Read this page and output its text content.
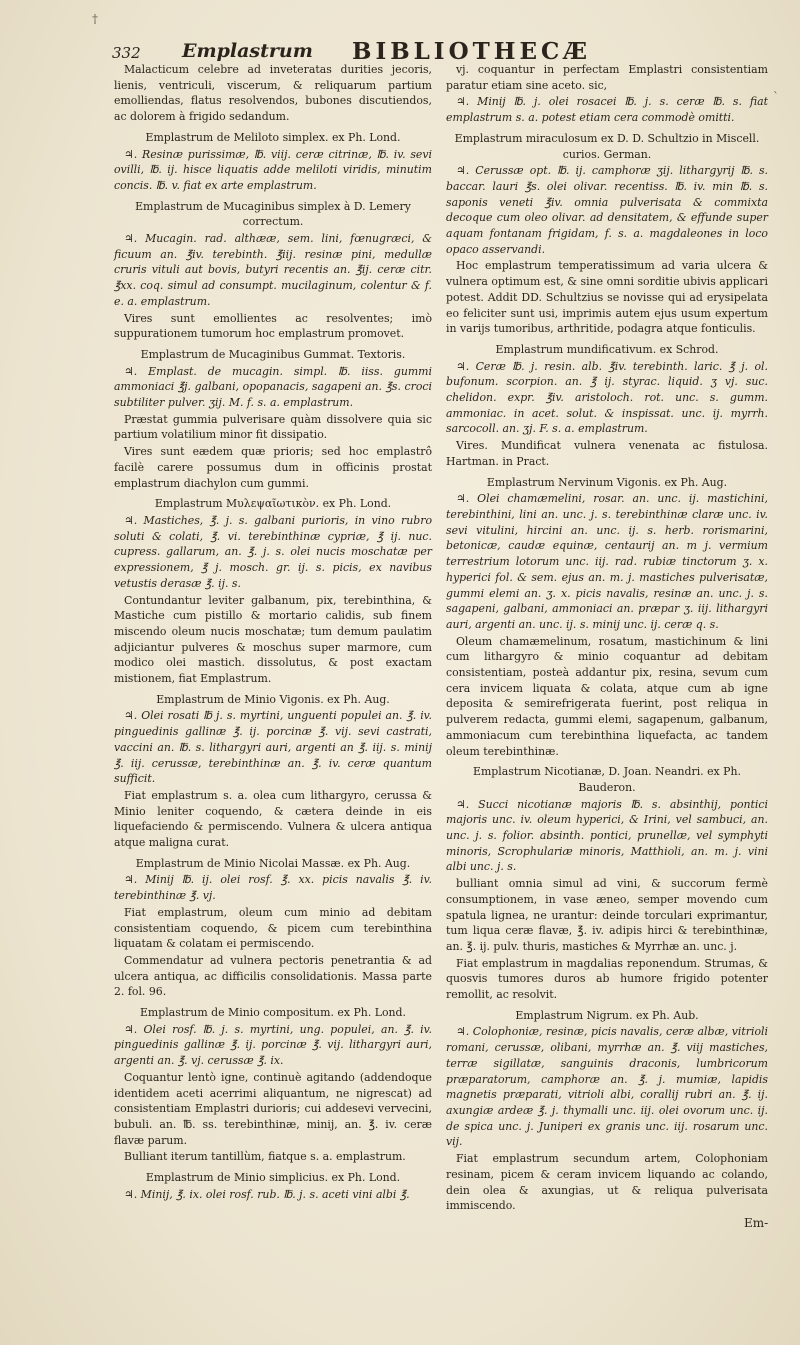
†
`
332 Emplastrum BIBLIOTHECÆ

Malacticum celebre ad inveteratas durities jecoris, lienis, ventriculi, viscerum, & reliquarum partium emolliendas, flatus resolvendos, bubones discutiendos, ac dolorem à frigido sedandum.

Emplastrum de Meliloto simplex. ex Ph. Lond.

♃. Resinæ purissimæ, ℔. viij. ceræ citrinæ, ℔. iv. sevi ovilli, ℔. ij. hisce liquatis adde meliloti viridis, minutim concis. ℔. v. fiat ex arte emplastrum.

Emplastrum de Mucaginibus simplex à D. Lemery correctum.

♃. Mucagin. rad. althææ, sem. lini, fœnugræci, & ficuum an. ℥iv. terebinth. ℥iij. resinæ pini, medullæ cruris vituli aut bovis, butyri recentis an. ℥ij. ceræ citr. ℥xx. coq. simul ad consumpt. mucilaginum, colentur & f. e. a. emplastrum.

Vires sunt emollientes ac resolventes; imò suppurationem tumorum hoc emplastrum promovet.

Emplastrum de Mucaginibus Gummat. Textoris.

♃. Emplast. de mucagin. simpl. ℔. iiss. gummi ammoniaci ℥j. galbani, opopanacis, sagapeni an. ℥s. croci subtiliter pulver. ʒij. M. f. s. a. emplastrum.

Præstat gummia pulverisare quàm dissolvere quia sic partium volatilium minor fit dissipatio.

Vires sunt eædem quæ prioris; sed hoc emplastrô facilè carere possumus dum in officinis prostat emplastrum diachylon cum gummi.

Emplastrum Μυλεψαῖωτικὸν. ex Ph. Lond.

♃. Mastiches, ℥. j. s. galbani purioris, in vino rubro soluti & colati, ℥. vi. terebinthinæ cypriæ, ℥ ij. nuc. cupress. gallarum, an. ℥. j. s. olei nucis moschatæ per expressionem, ℥ j. mosch. gr. ij. s. picis, ex navibus vetustis derasæ ℥. ij. s.

Contundantur leviter galbanum, pix, terebinthina, & Mastiche cum pistillo & mortario calidis, sub finem miscendo oleum nucis moschatæ; tum demum paulatim adjiciantur pulveres & moschus super marmore, cum modico olei mastich. dissolutus, & post exactam mistionem, fiat Emplastrum.

Emplastrum de Minio Vigonis. ex Ph. Aug.

♃. Olei rosati ℔ j. s. myrtini, unguenti populei an. ℥. iv. pinguedinis gallinæ ℥. ij. porcinæ ℥. vij. sevi castrati, vaccini an. ℔. s. lithargyri auri, argenti an ℥. iij. s. minij ℥. iij. cerussæ, terebinthinæ an. ℥. iv. ceræ quantum sufficit.

Fiat emplastrum s. a. olea cum lithargyro, cerussa & Minio leniter coquendo, & cætera deinde in eis liquefaciendo & permiscendo. Vulnera & ulcera antiqua atque maligna curat.

Emplastrum de Minio Nicolai Massæ. ex Ph. Aug.

♃. Minij ℔. ij. olei rosf. ℥. xx. picis navalis ℥. iv. terebinthinæ ℥. vj.

Fiat emplastrum, oleum cum minio ad debitam consistentiam coquendo, & picem cum terebinthina liquatam & colatam ei permiscendo.

Commendatur ad vulnera pectoris penetrantia & ad ulcera antiqua, ac difficilis consolidationis. Massa parte 2. fol. 96.

Emplastrum de Minio compositum. ex Ph. Lond.

♃. Olei rosf. ℔. j. s. myrtini, ung. populei, an. ℥. iv. pinguedinis gallinæ ℥. ij. porcinæ ℥. vij. lithargyri auri, argenti an. ℥. vj. cerussæ ℥. ix.

Coquantur lentò igne, continuè agitando (addendoque identidem aceti acerrimi aliquantum, ne nigrescat) ad consistentiam Emplastri durioris; cui addesevi vervecini, bubuli. an. ℔. ss. terebinthinæ, minij, an. ℥. iv. ceræ flavæ parum.

Bulliant iterum tantillùm, fiatque s. a. emplastrum.

Emplastrum de Minio simplicius. ex Ph. Lond.

♃. Minij, ℥. ix. olei rosf. rub. ℔. j. s. aceti vini albi ℥.

vj. coquantur in perfectam Emplastri consistentiam paratur etiam sine aceto. sic,

♃. Minij ℔. j. olei rosacei ℔. j. s. ceræ ℔. s. fiat emplastrum s. a. potest etiam cera commodè omitti.

Emplastrum miraculosum ex D. D. Schultzio in Miscell. curios. German.

♃. Cerussæ opt. ℔. ij. camphoræ ʒij. lithargyrij ℔. s. baccar. lauri ℥s. olei olivar. recentiss. ℔. iv. min ℔. s. saponis veneti ℥iv. omnia pulverisata & commixta decoque cum oleo olivar. ad densitatem, & effunde super aquam fontanam frigidam, f. s. a. magdaleones in loco opaco asservandi.

Hoc emplastrum temperatissimum ad varia ulcera & vulnera optimum est, & sine omni sorditie ubivis applicari potest. Addit DD. Schultzius se novisse qui ad erysipelata eo feliciter sunt usi, imprimis autem ejus usum expertum in varijs tumoribus, arthritide, podagra atque fonticulis.

Emplastrum mundificativum. ex Schrod.

♃. Ceræ ℔. j. resin. alb. ℥iv. terebinth. laric. ℥ j. ol. bufonum. scorpion. an. ℥ ij. styrac. liquid. ʒ vj. suc. chelidon. expr. ℥iv. aristoloch. rot. unc. s. gumm. ammoniac. in acet. solut. & inspissat. unc. ij. myrrh. sarcocoll. an. ʒj. F. s. a. emplastrum.

Vires. Mundificat vulnera venenata ac fistulosa. Hartman. in Pract.

Emplastrum Nervinum Vigonis. ex Ph. Aug.

♃. Olei chamæmelini, rosar. an. unc. ij. mastichini, terebinthini, lini an. unc. j. s. terebinthinæ claræ unc. iv. sevi vitulini, hircini an. unc. ij. s. herb. rorismarini, betonicæ, caudæ equinæ, centaurij an. m j. vermium terrestrium lotorum unc. iij. rad. rubiæ tinctorum ʒ. x. hyperici fol. & sem. ejus an. m. j. mastiches pulverisatæ, gummi elemi an. ʒ. x. picis navalis, resinæ an. unc. j. s. sagapeni, galbani, ammoniaci an. præpar ʒ. iij. lithargyri auri, argenti an. unc. ij. s. minij unc. ij. ceræ q. s.

Oleum chamæmelinum, rosatum, mastichinum & lini cum lithargyro & minio coquantur ad debitam consistentiam, posteà addantur pix, resina, sevum cum cera invicem liquata & colata, atque cum ab igne deposita & semirefrigerata fuerint, post reliqua in pulverem redacta, gummi elemi, sagapenum, galbanum, ammoniacum cum terebinthina liquefacta, ac tandem oleum terebinthinæ.

Emplastrum Nicotianæ, D. Joan. Neandri. ex Ph. Bauderon.

♃. Succi nicotianæ majoris ℔. s. absinthij, pontici majoris unc. iv. oleum hyperici, & Irini, vel sambuci, an. unc. j. s. folior. absinth. pontici, prunellæ, vel symphyti minoris, Scrophulariæ minoris, Matthioli, an. m. j. vini albi unc. j. s.

bulliant omnia simul ad vini, & succorum fermè consumptionem, in vase æneo, semper movendo cum spatula lignea, ne urantur: deinde torculari exprimantur, tum liqua ceræ flavæ, ℥. iv. adipis hirci & terebinthinæ, an. ℥. ij. pulv. thuris, mastiches & Myrrhæ an. unc. j.

Fiat emplastrum in magdalias reponendum. Strumas, & quosvis tumores duros ab humore frigido potenter remollit, ac resolvit.

Emplastrum Nigrum. ex Ph. Aub.

♃. Colophoniæ, resinæ, picis navalis, ceræ albæ, vitrioli romani, cerussæ, olibani, myrrhæ an. ℥. viij mastiches, terræ sigillatæ, sanguinis draconis, lumbricorum præparatorum, camphoræ an. ℥. j. mumiæ, lapidis magnetis præparati, vitrioli albi, corallij rubri an. ℥. ij. axungiæ ardeæ ℥. j. thymalli unc. iij. olei ovorum unc. ij. de spica unc. j. Juniperi ex granis unc. iij. rosarum unc. vij.

Fiat emplastrum secundum artem, Colophoniam resinam, picem & ceram invicem liquando ac colando, dein olea & axungias, ut & reliqua pulverisata immiscendo.

Em-
